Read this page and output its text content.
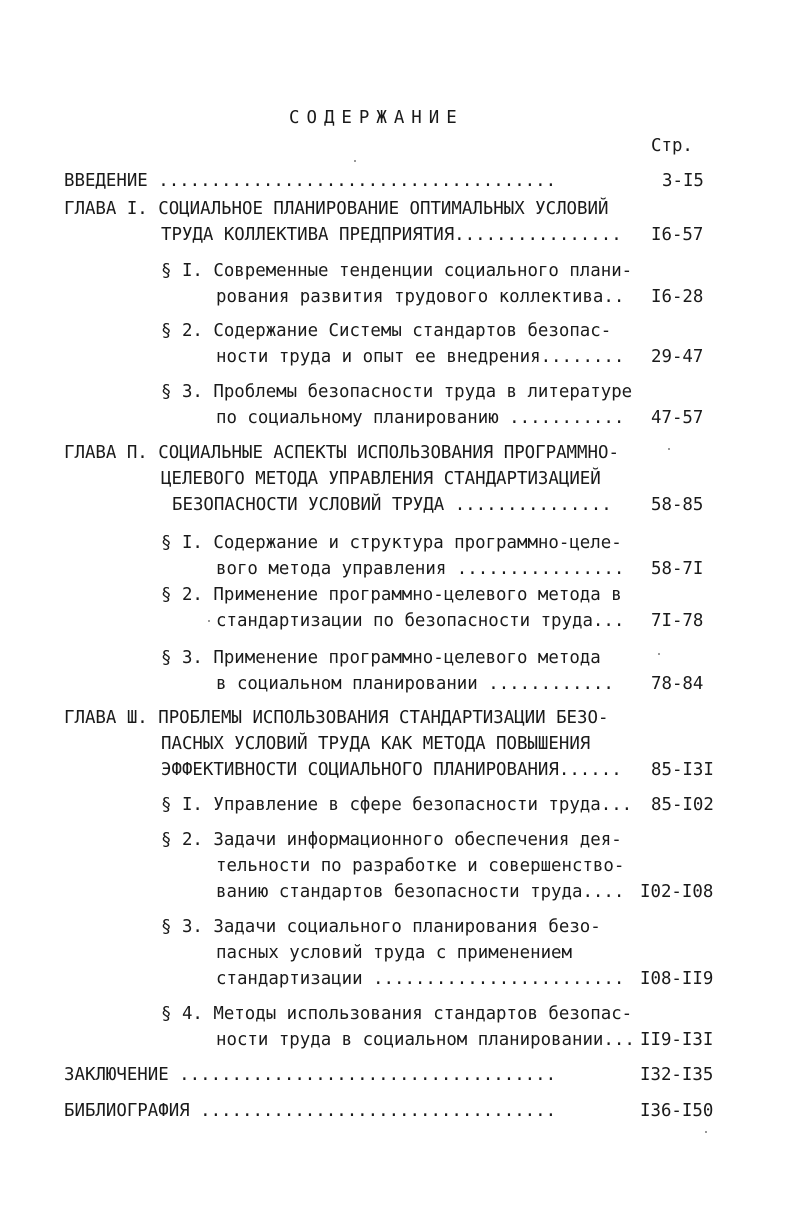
СОДЕРЖАНИЕ
Стр.
ВВЕДЕНИЕ ......................................	3-I5
ГЛАВА I. СОЦИАЛЬНОЕ ПЛАНИРОВАНИЕ ОПТИМАЛЬНЫХ УСЛОВИЙ
ТРУДА КОЛЛЕКТИВА ПРЕДПРИЯТИЯ................ I6-57
§ I. Современные тенденции социального плани-
рования развития трудового коллектива.. I6-28
§ 2. Содержание Системы стандартов безопас-
ности труда и опыт ее внедрения........ 29-47
§ 3. Проблемы безопасности труда в литературе
по социальному планированию ........... 47-57
ГЛАВА П. СОЦИАЛЬНЫЕ АСПЕКТЫ ИСПОЛЬЗОВАНИЯ ПРОГРАММНО-
ЦЕЛЕВОГО МЕТОДА УПРАВЛЕНИЯ СТАНДАРТИЗАЦИЕЙ
БЕЗОПАСНОСТИ УСЛОВИЙ ТРУДА ............... 58-85
§ I. Содержание и структура программно-целе-
вого метода управления ................ 58-7I
§ 2. Применение программно-целевого метода в
стандартизации по безопасности труда... 7I-78
§ 3. Применение программно-целевого метода
в социальном планировании ............ 78-84
ГЛАВА Ш. ПРОБЛЕМЫ ИСПОЛЬЗОВАНИЯ СТАНДАРТИЗАЦИИ БЕЗО-
ПАСНЫХ УСЛОВИЙ ТРУДА КАК МЕТОДА ПОВЫШЕНИЯ
ЭФФЕКТИВНОСТИ СОЦИАЛЬНОГО ПЛАНИРОВАНИЯ...... 85-I3I
§ I. Управление в сфере безопасности труда... 85-I02
§ 2. Задачи информационного обеспечения дея-
тельности по разработке и совершенство-
ванию стандартов безопасности труда.... I02-I08
§ 3. Задачи социального планирования безо-
пасных условий труда с применением
стандартизации ........................ I08-II9
§ 4. Методы использования стандартов безопас-
ности труда в социальном планировании... II9-I3I
ЗАКЛЮЧЕНИЕ ....................................	I32-I35
БИБЛИОГРАФИЯ ..................................	I36-I50
